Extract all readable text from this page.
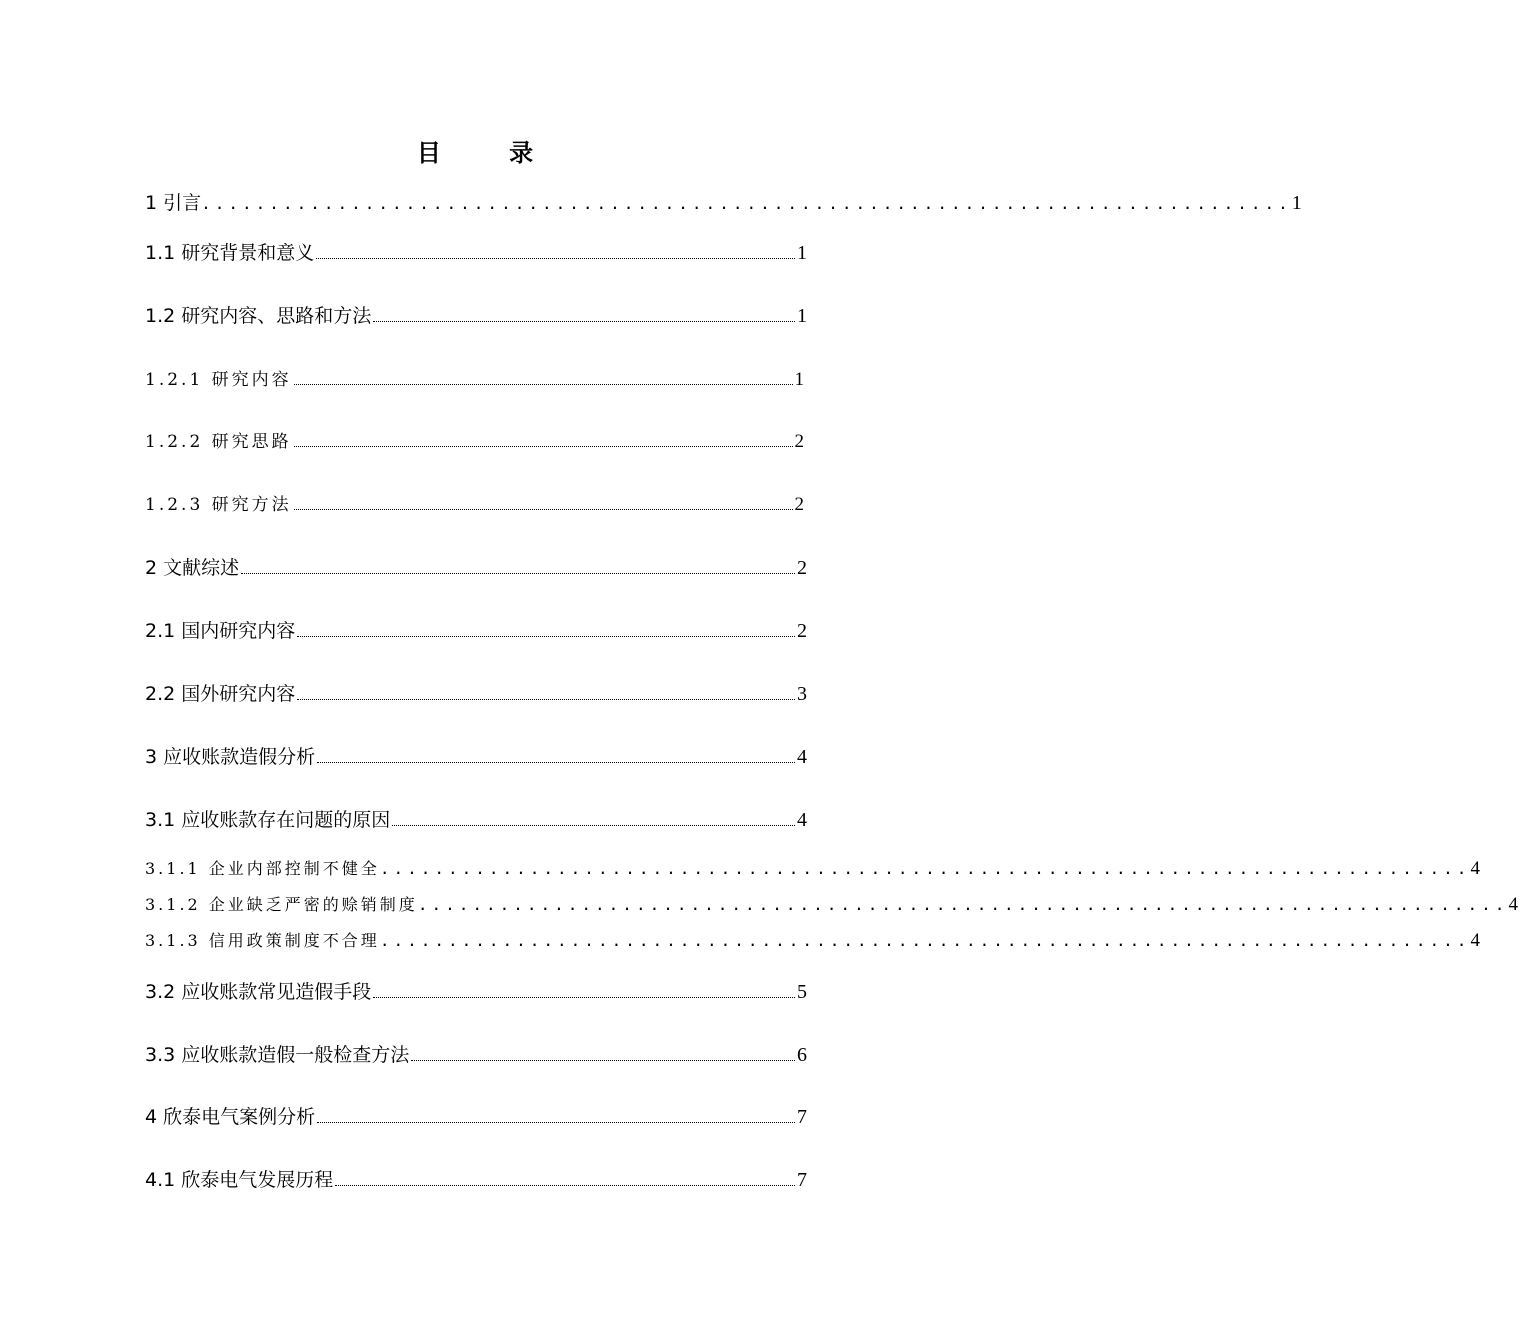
目 录
1 引言 ................................................................................ 1
1.1 研究背景和意义	1
1.2 研究内容、思路和方法	1
1.2.1 研究内容	1
1.2.2 研究思路	2
1.2.3 研究方法	2
2 文献综述	2
2.1 国内研究内容	2
2.2 国外研究内容	3
3 应收账款造假分析	4
3.1 应收账款存在问题的原因	4
3.1.1 企业内部控制不健全 ................................................................................ 4
3.1.2 企业缺乏严密的赊销制度 ................................................................................ 4
3.1.3 信用政策制度不合理 ................................................................................ 4
3.2 应收账款常见造假手段	5
3.3 应收账款造假一般检查方法	6
4 欣泰电气案例分析	7
4.1 欣泰电气发展历程	7
